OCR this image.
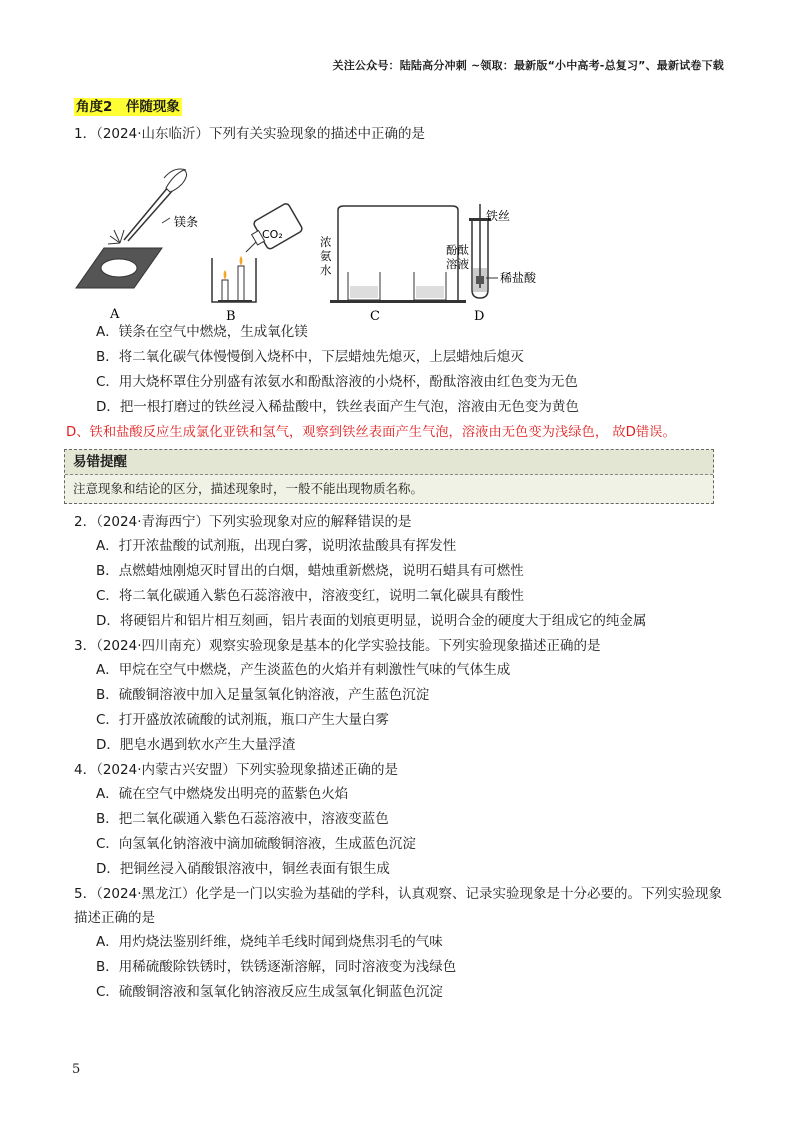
关注公众号：陆陆高分冲刺 ~领取：最新版“小中高考-总复习”、最新试卷下载
角度2　伴随现象

1．（2024·山东临沂）下列有关实验现象的描述中正确的是

镁条
A
CO₂
B
浓氨水
酚酞溶液
C
铁丝
稀盐酸
D

A．镁条在空气中燃烧，生成氧化镁

B．将二氧化碳气体慢慢倒入烧杯中，下层蜡烛先熄灭，上层蜡烛后熄灭

C．用大烧杯罩住分别盛有浓氨水和酚酞溶液的小烧杯，酚酞溶液由红色变为无色

D．把一根打磨过的铁丝浸入稀盐酸中，铁丝表面产生气泡，溶液由无色变为黄色

D、铁和盐酸反应生成氯化亚铁和氢气，观察到铁丝表面产生气泡，溶液由无色变为浅绿色， 故D错误。

易错提醒
注意现象和结论的区分，描述现象时，一般不能出现物质名称。

2．（2024·青海西宁）下列实验现象对应的解释错误的是

A．打开浓盐酸的试剂瓶，出现白雾，说明浓盐酸具有挥发性

B．点燃蜡烛刚熄灭时冒出的白烟，蜡烛重新燃烧，说明石蜡具有可燃性

C．将二氧化碳通入紫色石蕊溶液中，溶液变红，说明二氧化碳具有酸性

D．将硬铝片和铝片相互刻画，铝片表面的划痕更明显，说明合金的硬度大于组成它的纯金属

3．（2024·四川南充）观察实验现象是基本的化学实验技能。下列实验现象描述正确的是

A．甲烷在空气中燃烧，产生淡蓝色的火焰并有刺激性气味的气体生成

B．硫酸铜溶液中加入足量氢氧化钠溶液，产生蓝色沉淀

C．打开盛放浓硫酸的试剂瓶，瓶口产生大量白雾

D．肥皂水遇到软水产生大量浮渣

4．（2024·内蒙古兴安盟）下列实验现象描述正确的是

A．硫在空气中燃烧发出明亮的蓝紫色火焰

B．把二氧化碳通入紫色石蕊溶液中，溶液变蓝色

C．向氢氧化钠溶液中滴加硫酸铜溶液，生成蓝色沉淀

D．把铜丝浸入硝酸银溶液中，铜丝表面有银生成

5．（2024·黑龙江）化学是一门以实验为基础的学科，认真观察、记录实验现象是十分必要的。下列实验现象描述正确的是

A．用灼烧法鉴别纤维，烧纯羊毛线时闻到烧焦羽毛的气味

B．用稀硫酸除铁锈时，铁锈逐渐溶解，同时溶液变为浅绿色

C．硫酸铜溶液和氢氧化钠溶液反应生成氢氧化铜蓝色沉淀

5
